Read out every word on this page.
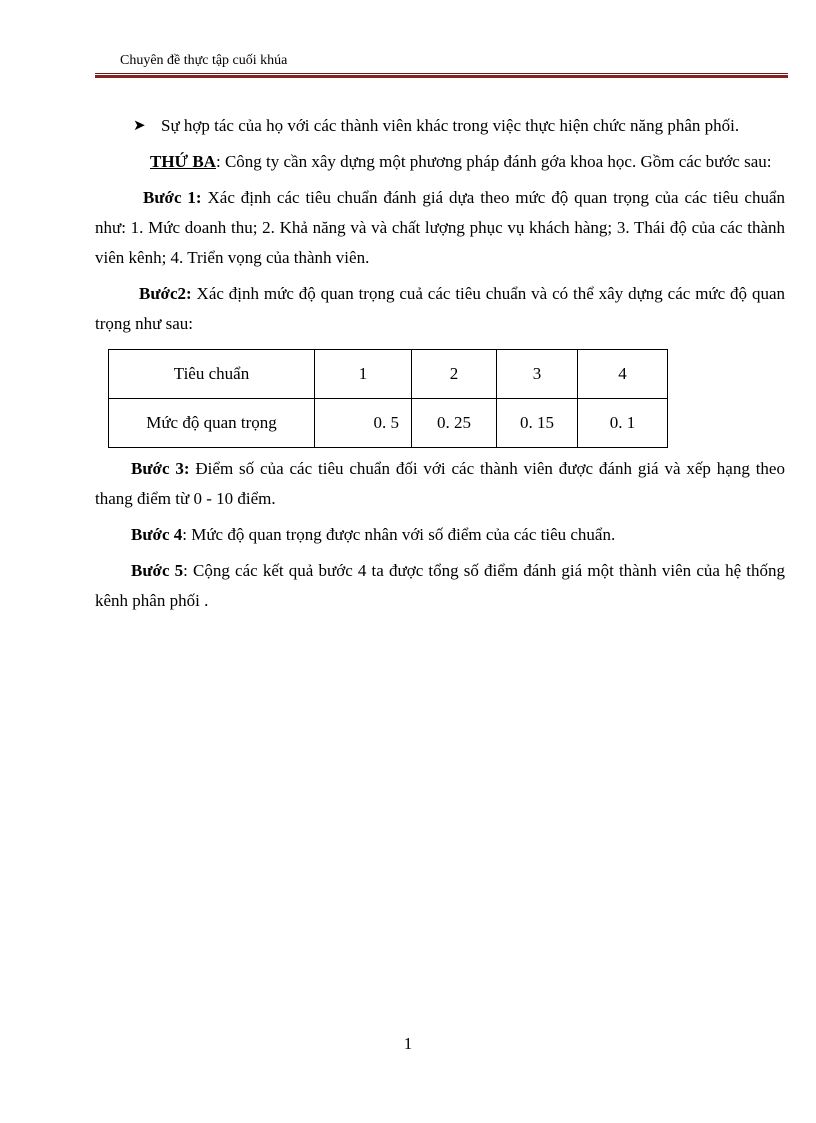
Chuyên đề thực tập cuối khúa

➤ Sự hợp tác của họ với các thành viên khác trong việc thực hiện chức năng phân phối.

THỨ BA: Công ty cần xây dựng một phương pháp đánh gớa khoa học. Gồm các bước sau:

Bước 1: Xác định các tiêu chuẩn đánh giá dựa theo mức độ quan trọng của các tiêu chuẩn như: 1. Mức doanh thu; 2. Khả năng và và chất lượng phục vụ khách hàng; 3. Thái độ của các thành viên kênh; 4. Triển vọng của thành viên.

Bước2: Xác định mức độ quan trọng cuả các tiêu chuẩn và có thể xây dựng các mức độ quan trọng như sau:

Tiêu chuẩn	1	2	3	4
Mức độ quan trọng	0. 5	0. 25	0. 15	0. 1

Bước 3: Điểm số của các tiêu chuẩn đối với các thành viên được đánh giá và xếp hạng theo thang điểm từ 0 - 10 điểm.

Bước 4: Mức độ quan trọng được nhân với số điểm của các tiêu chuẩn.

Bước 5: Cộng các kết quả bước 4 ta được tổng số điểm đánh giá một thành viên của hệ thống kênh phân phối .

1
